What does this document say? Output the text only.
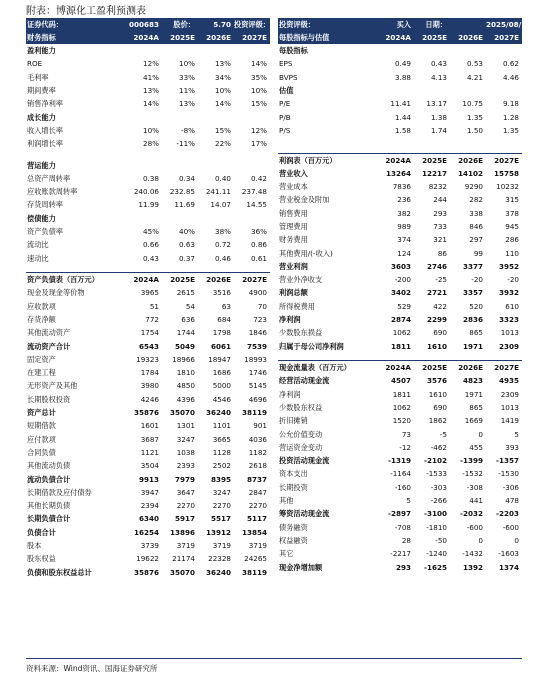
附表：博源化工盈利预测表
证券代码：	000683	股价：	5.70	投资评级：
财务指标	2024A	2025E	2026E	2027E
盈利能力				
ROE	12%	10%	13%	14%
毛利率	41%	33%	34%	35%
期间费率	13%	11%	10%	10%
销售净利率	14%	13%	14%	15%
成长能力				
收入增长率	10%	-8%	15%	12%
利润增长率	28%	-11%	22%	17%

营运能力				
总资产周转率	0.38	0.34	0.40	0.42
应收账款周转率	240.06	232.85	241.11	237.48
存货周转率	11.99	11.69	14.07	14.55
偿债能力				
资产负债率	45%	40%	38%	36%
流动比	0.66	0.63	0.72	0.86
速动比	0.43	0.37	0.46	0.61

资产负债表（百万元）	2024A	2025E	2026E	2027E
现金及现金等价物	3965	2615	3516	4900
应收款项	51	54	63	70
存货净额	772	636	684	723
其他流动资产	1754	1744	1798	1846
流动资产合计	6543	5049	6061	7539
固定资产	19323	18966	18947	18993
在建工程	1784	1810	1686	1746
无形资产及其他	3980	4850	5000	5145
长期股权投资	4246	4396	4546	4696
资产总计	35876	35070	36240	38119
短期借款	1601	1301	1101	901
应付款项	3687	3247	3665	4036
合同负债	1121	1038	1128	1182
其他流动负债	3504	2393	2502	2618
流动负债合计	9913	7979	8395	8737
长期借款及应付债券	3947	3647	3247	2847
其他长期负债	2394	2270	2270	2270
长期负债合计	6340	5917	5517	5117
负债合计	16254	13896	13912	13854
股本	3739	3719	3719	3719
股东权益	19622	21174	22328	24265
负债和股东权益总计	35876	35070	36240	38119
投资评级：	买入	日期：		2025/08/14
每股指标与估值	2024A	2025E	2026E	2027E
每股指标				
EPS	0.49	0.43	0.53	0.62
BVPS	3.88	4.13	4.21	4.46
估值				
P/E	11.41	13.17	10.75	9.18
P/B	1.44	1.38	1.35	1.28
P/S	1.58	1.74	1.50	1.35

利润表（百万元）	2024A	2025E	2026E	2027E
营业收入	13264	12217	14102	15758
营业成本	7836	8232	9290	10232
营业税金及附加	236	244	282	315
销售费用	382	293	338	378
管理费用	989	733	846	945
财务费用	374	321	297	286
其他费用/(-收入)	124	86	99	110
营业利润	3603	2746	3377	3952
营业外净收支	-200	-25	-20	-20
利润总额	3402	2721	3357	3932
所得税费用	529	422	520	610
净利润	2874	2299	2836	3323
少数股东损益	1062	690	865	1013
归属于母公司净利润	1811	1610	1971	2309

现金流量表（百万元）	2024A	2025E	2026E	2027E
经营活动现金流	4507	3576	4823	4935
净利润	1811	1610	1971	2309
少数股东权益	1062	690	865	1013
折旧摊销	1520	1862	1669	1419
公允价值变动	73	-5	0	5
营运资金变动	-12	-462	455	393
投资活动现金流	-1319	-2102	-1399	-1357
资本支出	-1164	-1533	-1532	-1530
长期投资	-160	-303	-308	-306
其他	5	-266	441	478
筹资活动现金流	-2897	-3100	-2032	-2203
债务融资	-708	-1810	-600	-600
权益融资	28	-50	0	0
其它	-2217	-1240	-1432	-1603
现金净增加额	293	-1625	1392	1374
资料来源：Wind资讯、国海证券研究所
